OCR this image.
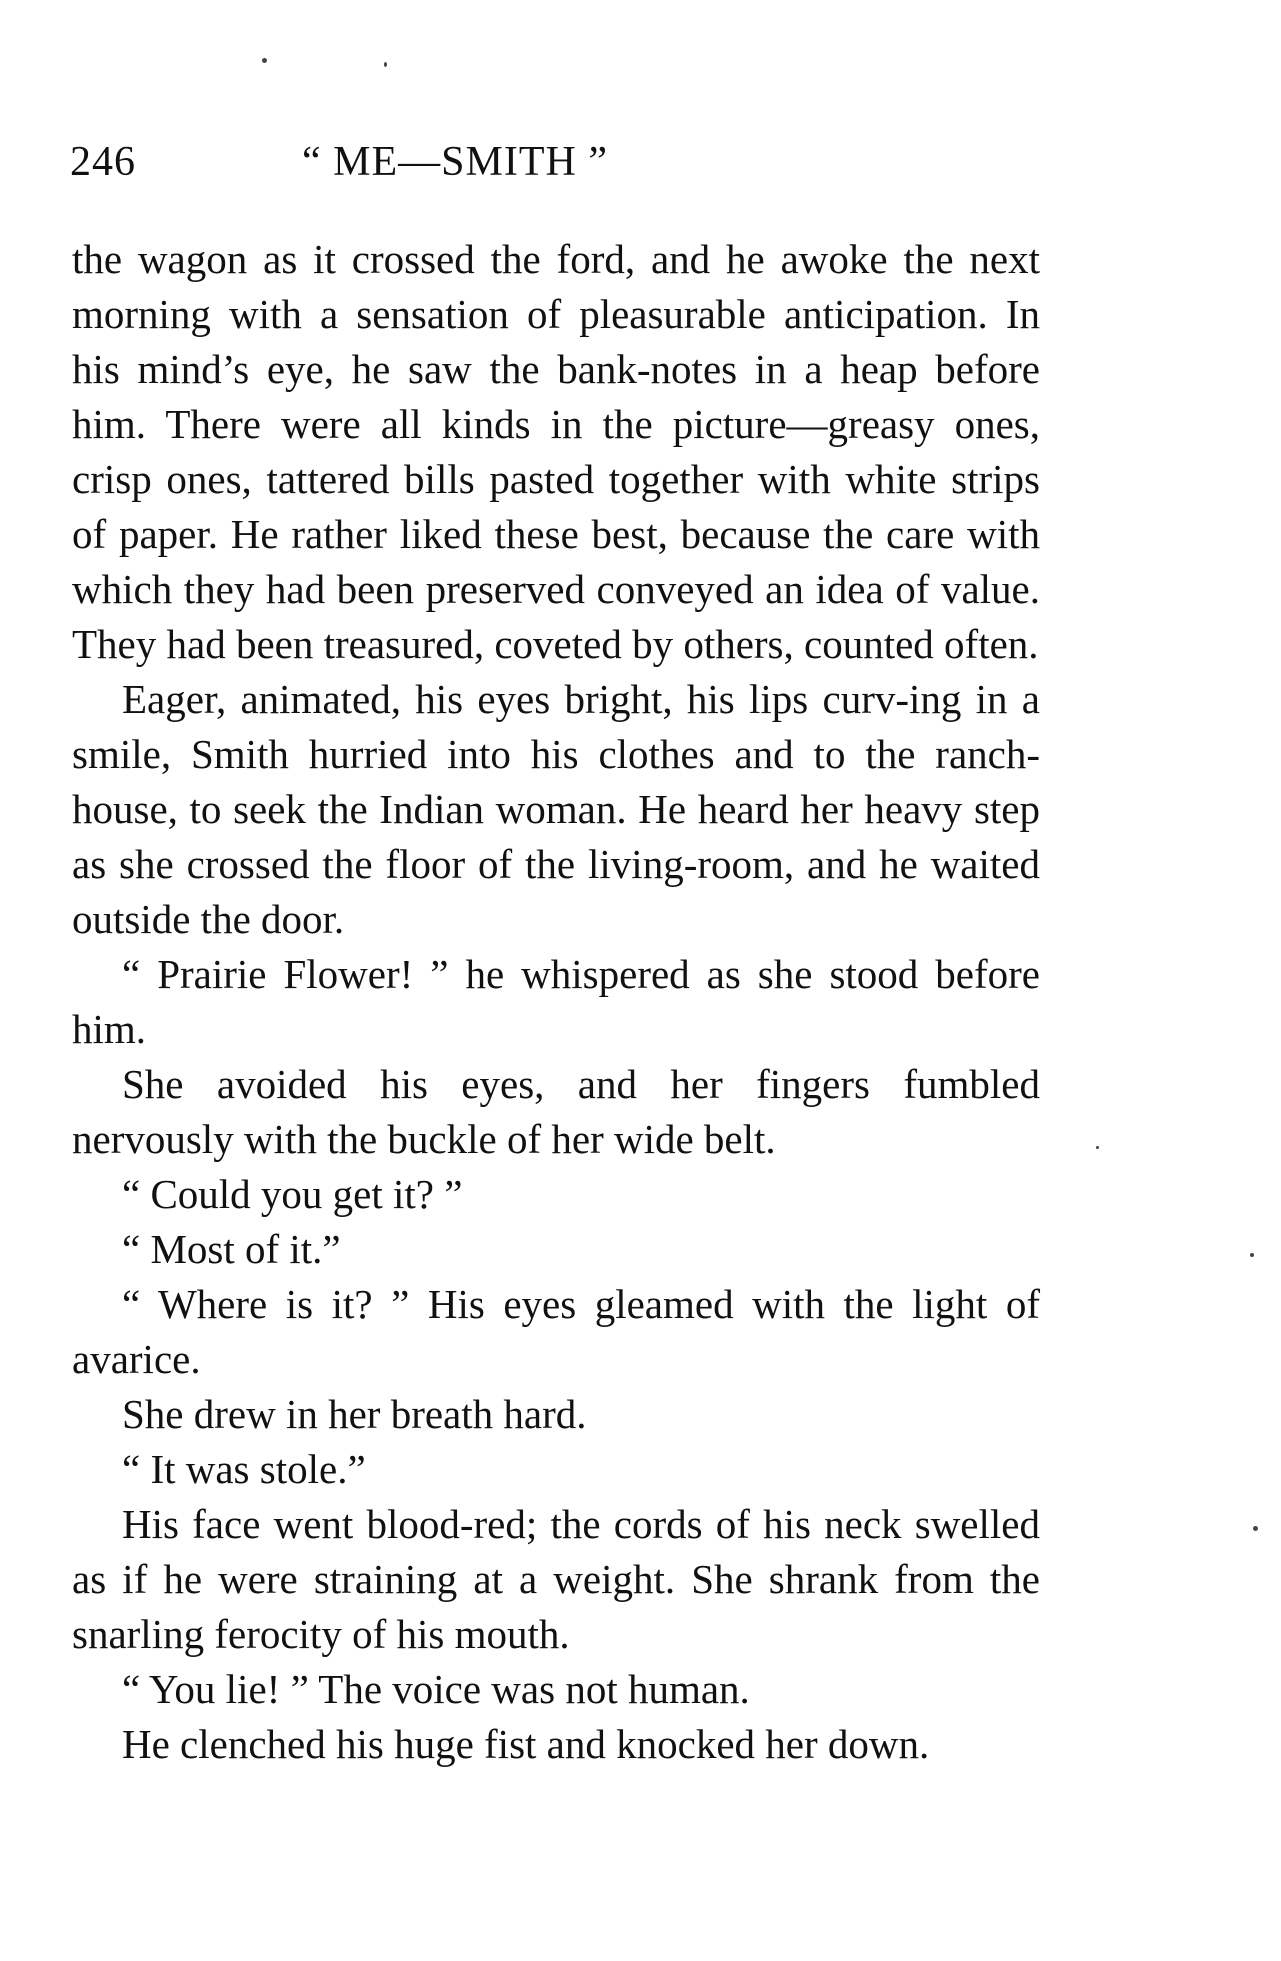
246	“ ME—SMITH ”

the wagon as it crossed the ford, and he awoke the next morning with a sensation of pleasurable anticipation. In his mind’s eye, he saw the bank-notes in a heap before him. There were all kinds in the picture—greasy ones, crisp ones, tattered bills pasted together with white strips of paper. He rather liked these best, because the care with which they had been preserved conveyed an idea of value. They had been treasured, coveted by others, counted often.

Eager, animated, his eyes bright, his lips curv-ing in a smile, Smith hurried into his clothes and to the ranch-house, to seek the Indian woman. He heard her heavy step as she crossed the floor of the living-room, and he waited outside the door.

“ Prairie Flower! ” he whispered as she stood before him.

She avoided his eyes, and her fingers fumbled nervously with the buckle of her wide belt.

“ Could you get it? ”

“ Most of it.”

“ Where is it? ” His eyes gleamed with the light of avarice.

She drew in her breath hard.

“ It was stole.”

His face went blood-red; the cords of his neck swelled as if he were straining at a weight. She shrank from the snarling ferocity of his mouth.

“ You lie! ” The voice was not human.

He clenched his huge fist and knocked her down.
